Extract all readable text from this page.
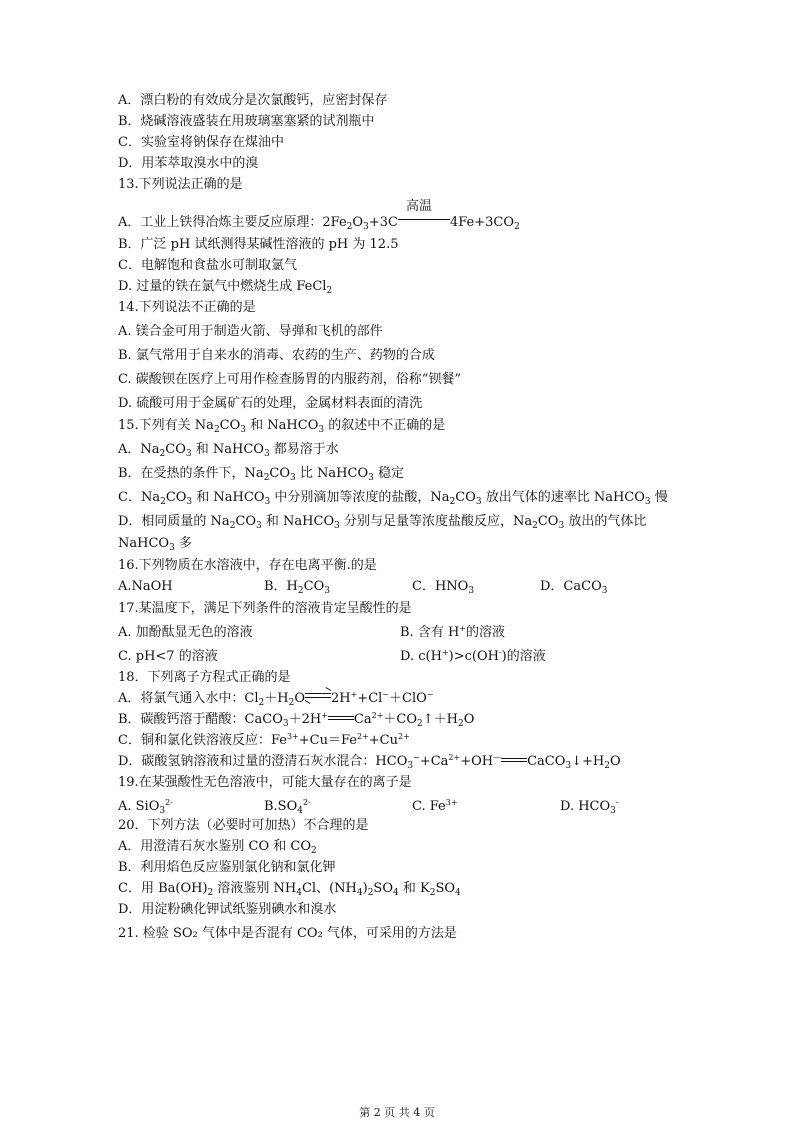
A．漂白粉的有效成分是次氯酸钙，应密封保存

B．烧碱溶液盛装在用玻璃塞塞紧的试剂瓶中

C．实验室将钠保存在煤油中

D．用苯萃取溴水中的溴

13.下列说法正确的是

A．工业上铁得冶炼主要反应原理：$2Fe_2O_3+3C$
高温
$4Fe+3CO_2$

B．广泛 pH 试纸测得某碱性溶液的 pH 为 12.5

C．电解饱和食盐水可制取氯气

D. 过量的铁在氯气中燃烧生成 FeCl$_2$

14.下列说法不正确的是

A. 镁合金可用于制造火箭、导弹和飞机的部件

B. 氯气常用于自来水的消毒、农药的生产、药物的合成

C. 碳酸钡在医疗上可用作检查肠胃的内服药剂，俗称“钡餐”

D. 硫酸可用于金属矿石的处理，金属材料表面的清洗

15.下列有关 $Na_2CO_3$ 和 NaHCO$_3$ 的叙述中不正确的是

A．$Na_2CO_3$ 和 NaHCO$_3$ 都易溶于水

B．在受热的条件下，$Na_2CO_3$ 比 NaHCO$_3$ 稳定

C．$Na_2CO_3$ 和 NaHCO$_3$ 中分别滴加等浓度的盐酸，$Na_2CO_3$ 放出气体的速率比 NaHCO$_3$ 慢

D．相同质量的 $Na_2CO_3$ 和 NaHCO$_3$ 分别与足量等浓度盐酸反应，$Na_2CO_3$ 放出的气体比

NaHCO$_3$ 多

16.下列物质在水溶液中，存在电离平衡.的是

A.NaOH	B．$H_2CO_3$	C．$HNO_3$	D．CaCO$_3$

17.某温度下，满足下列条件的溶液肯定呈酸性的是

A. 加酚酞显无色的溶液	B. 含有 H+的溶液

C. pH<7 的溶液	D. c(H+)>c(OH-)的溶液

18．下列离子方程式正确的是

A．将氯气通入水中：$Cl_2+H_2O\rightleftharpoons 2H^++Cl^-+ClO^-$

B．碳酸钙溶于醋酸：CaCO$_3$＋2H+ $Ca^{2+}+CO_2↑+H_2O$

C．铜和氯化铁溶液反应：$Fe^{3+}+Cu=Fe^{2+}+Cu^{2+}$

D．碳酸氢钠溶液和过量的澄清石灰水混合：$HCO_3^-+Ca^{2+}+OH^—$ $CaCO_3↓+H_2O$

19.在某强酸性无色溶液中，可能大量存在的离子是

A. SiO$_3^{2-}$	$B.SO_4^{2-}$	C. $Fe^{3+}$	D. $HCO_3^-$

20．下列方法（必要时可加热）不合理的是

A．用澄清石灰水鉴别 CO 和 $CO_2$

B．利用焰色反应鉴别氯化钠和氯化钾

C．用 $Ba(OH)_2$ 溶液鉴别 $NH_4Cl$、$(NH_4)_2SO_4$ 和 $K_2SO_4$

D．用淀粉碘化钾试纸鉴别碘水和溴水

21. 检验 SO₂ 气体中是否混有 CO₂ 气体，可采用的方法是

第 2 页 共 4 页
